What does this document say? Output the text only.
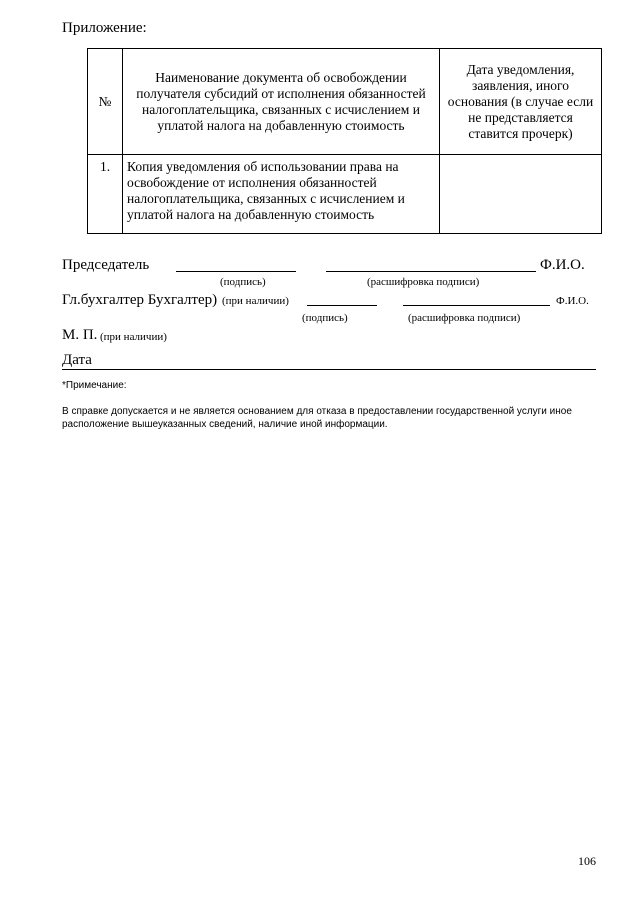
Приложение:
№	Наименование документа об освобождении получателя субсидий от исполнения обязанностей налогоплательщика, связанных с исчислением и уплатой налога на добавленную стоимость	Дата уведомления, заявления, иного основания (в случае если не представляется ставится прочерк)
1.	Копия уведомления об использовании права на освобождение от исполнения обязанностей налогоплательщика, связанных с исчислением и уплатой налога на добавленную стоимость	
Председатель	Ф.И.О.
(подпись)	(расшифровка подписи)
Гл.бухгалтер Бухгалтер) (при наличии)	Ф.И.О.
(подпись)	(расшифровка подписи)
М. П. (при наличии)
Дата
*Примечание:
В справке допускается и не является основанием для отказа в предоставлении государственной услуги иное расположение вышеуказанных сведений, наличие иной информации.
106
